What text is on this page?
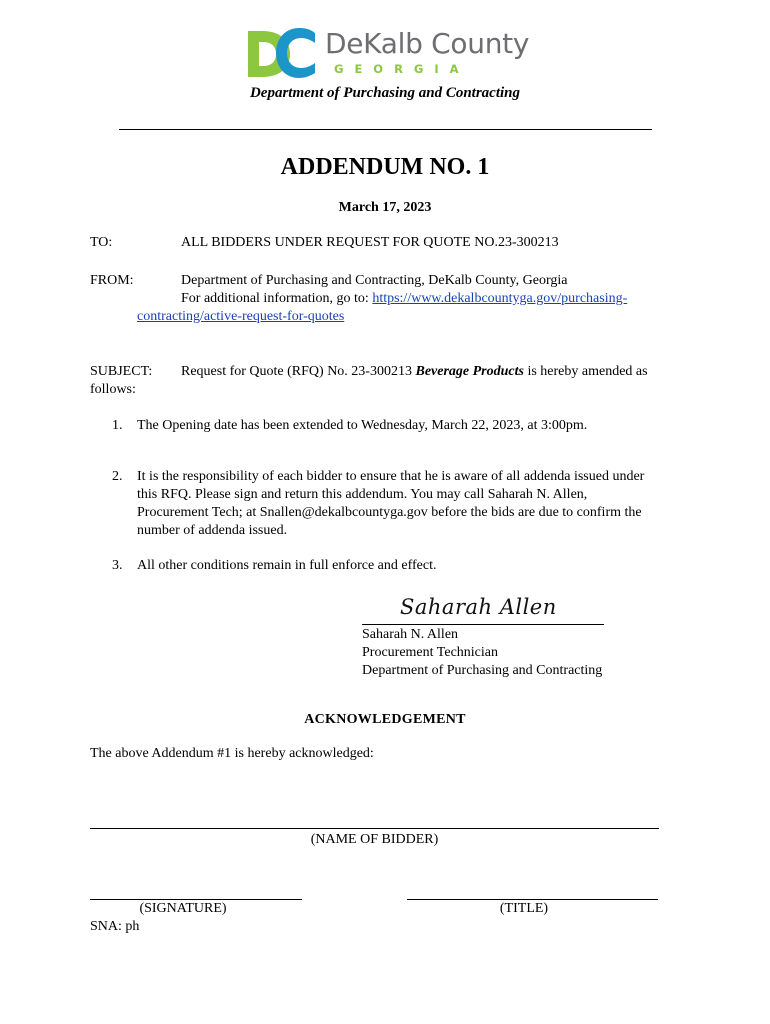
DeKalb County
GEORGIA
Department of Purchasing and Contracting
ADDENDUM NO. 1
March 17, 2023
TO:	ALL BIDDERS UNDER REQUEST FOR QUOTE NO.23-300213
FROM:	Department of Purchasing and Contracting, DeKalb County, Georgia
For additional information, go to: https://www.dekalbcountyga.gov/purchasing-
contracting/active-request-for-quotes
SUBJECT: Request for Quote (RFQ) No. 23-300213 Beverage Products is hereby amended as
follows:
1. The Opening date has been extended to Wednesday, March 22, 2023, at 3:00pm.
2. It is the responsibility of each bidder to ensure that he is aware of all addenda issued under
this RFQ. Please sign and return this addendum. You may call Saharah N. Allen,
Procurement Tech; at Snallen@dekalbcountyga.gov before the bids are due to confirm the
number of addenda issued.
3. All other conditions remain in full enforce and effect.
Saharah Allen
Saharah N. Allen
Procurement Technician
Department of Purchasing and Contracting
ACKNOWLEDGEMENT
The above Addendum #1 is hereby acknowledged:
(NAME OF BIDDER)
(SIGNATURE)	(TITLE)
SNA: ph
